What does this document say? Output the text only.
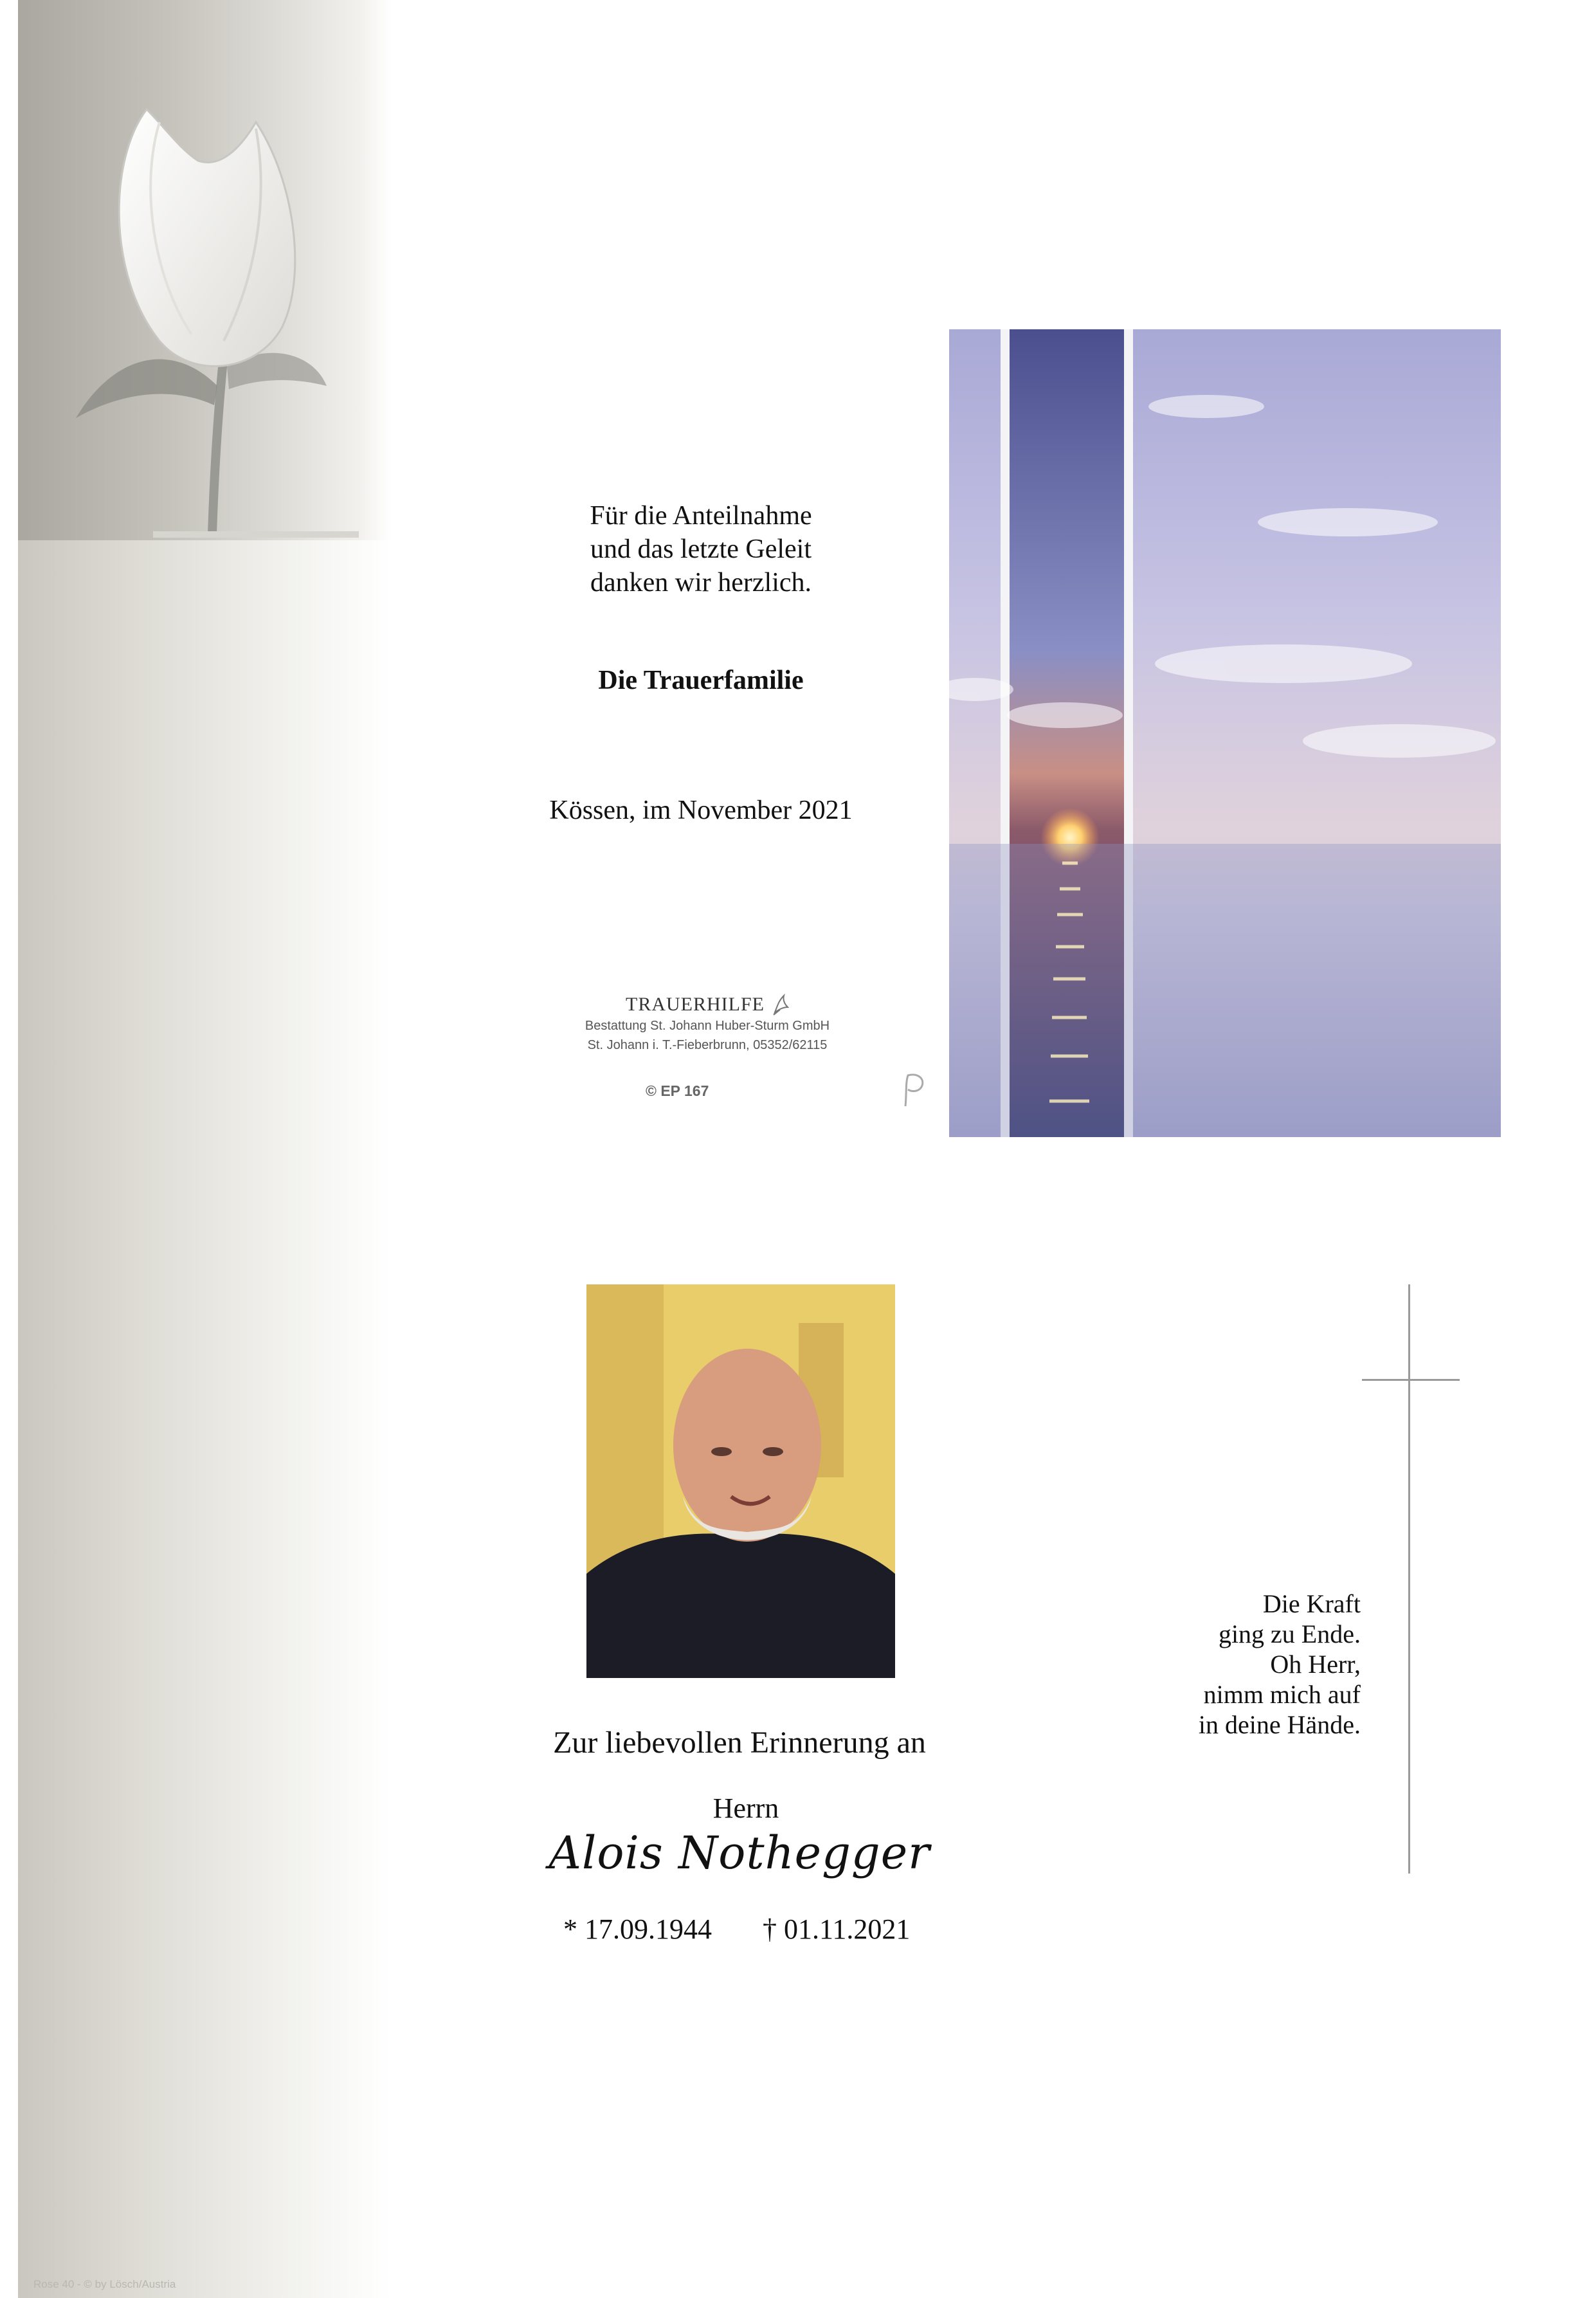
Rose 40 - © by Lösch/Austria
Für die Anteilnahme
und das letzte Geleit
danken wir herzlich.
Die Trauerfamilie
Kössen, im November 2021
TRAUERHILFE
Bestattung St. Johann Huber-Sturm GmbH
St. Johann i. T.-Fieberbrunn, 05352/62115
© EP 167
Zur liebevollen Erinnerung an
Herrn
Alois Nothegger
* 17.09.1944 † 01.11.2021
Die Kraft
ging zu Ende.
Oh Herr,
nimm mich auf
in deine Hände.
